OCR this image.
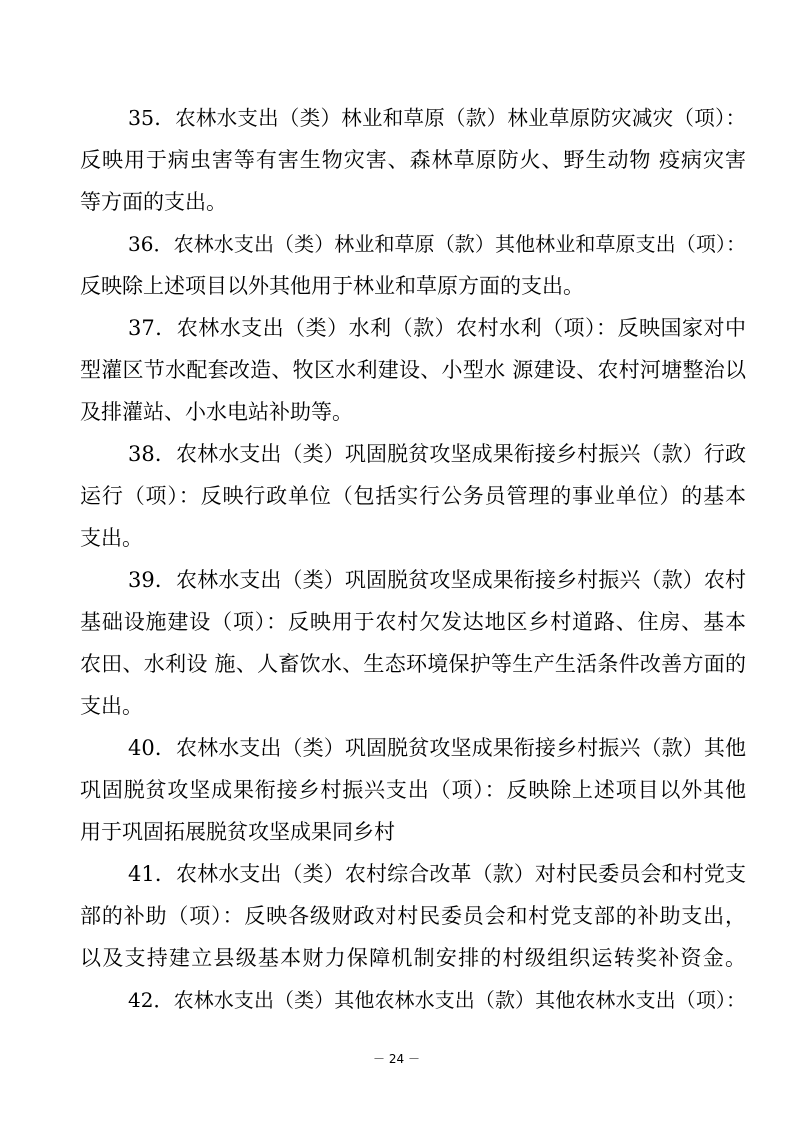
35．农林水支出（类）林业和草原（款）林业草原防灾减灾（项）：
反映用于病虫害等有害生物灾害、森林草原防火、野生动物 疫病灾害
等方面的支出。
36．农林水支出（类）林业和草原（款）其他林业和草原支出（项）：
反映除上述项目以外其他用于林业和草原方面的支出。
37．农林水支出（类）水利（款）农村水利（项）：反映国家对中
型灌区节水配套改造、牧区水利建设、小型水 源建设、农村河塘整治以
及排灌站、小水电站补助等。
38．农林水支出（类）巩固脱贫攻坚成果衔接乡村振兴（款）行政
运行（项）：反映行政单位（包括实行公务员管理的事业单位）的基本
支出。
39．农林水支出（类）巩固脱贫攻坚成果衔接乡村振兴（款）农村
基础设施建设（项）：反映用于农村欠发达地区乡村道路、住房、基本
农田、水利设 施、人畜饮水、生态环境保护等生产生活条件改善方面的
支出。
40．农林水支出（类）巩固脱贫攻坚成果衔接乡村振兴（款）其他
巩固脱贫攻坚成果衔接乡村振兴支出（项）：反映除上述项目以外其他
用于巩固拓展脱贫攻坚成果同乡村
41．农林水支出（类）农村综合改革（款）对村民委员会和村党支
部的补助（项）：反映各级财政对村民委员会和村党支部的补助支出，
以及支持建立县级基本财力保障机制安排的村级组织运转奖补资金。
42．农林水支出（类）其他农林水支出（款）其他农林水支出（项）：
－ 24 －
